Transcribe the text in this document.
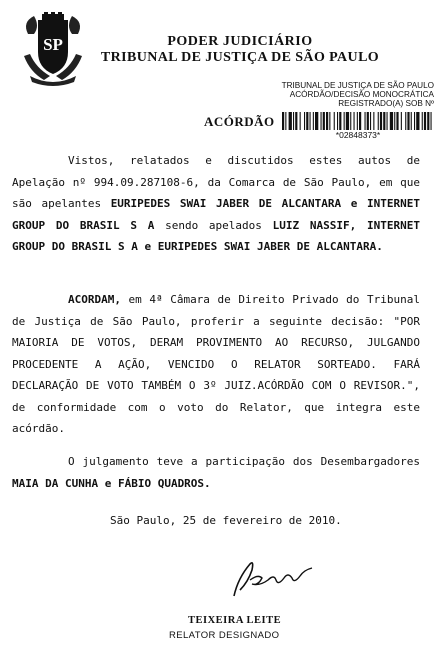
SP	PODER JUDICIÁRIO
TRIBUNAL DE JUSTIÇA DE SÃO PAULO
TRIBUNAL DE JUSTIÇA DE SÃO PAULO
ACÓRDÃO/DECISÃO MONOCRÁTICA
REGISTRADO(A) SOB Nº
*02848373*
ACÓRDÃO
Vistos, relatados e discutidos estes autos de Apelação nº 994.09.287108-6, da Comarca de São Paulo, em que são apelantes EURIPEDES SWAI JABER DE ALCANTARA e INTERNET GROUP DO BRASIL S A sendo apelados LUIZ NASSIF, INTERNET GROUP DO BRASIL S A e EURIPEDES SWAI JABER DE ALCANTARA.
ACORDAM, em 4ª Câmara de Direito Privado do Tribunal de Justiça de São Paulo, proferir a seguinte decisão: "POR MAIORIA DE VOTOS, DERAM PROVIMENTO AO RECURSO, JULGANDO PROCEDENTE A AÇÃO, VENCIDO O RELATOR SORTEADO. FARÁ DECLARAÇÃO DE VOTO TAMBÉM O 3º JUIZ.ACÓRDÃO COM O REVISOR.", de conformidade com o voto do Relator, que integra este acórdão.
O julgamento teve a participação dos Desembargadores MAIA DA CUNHA e FÁBIO QUADROS.
São Paulo, 25 de fevereiro de 2010.
TEIXEIRA LEITE
RELATOR DESIGNADO
